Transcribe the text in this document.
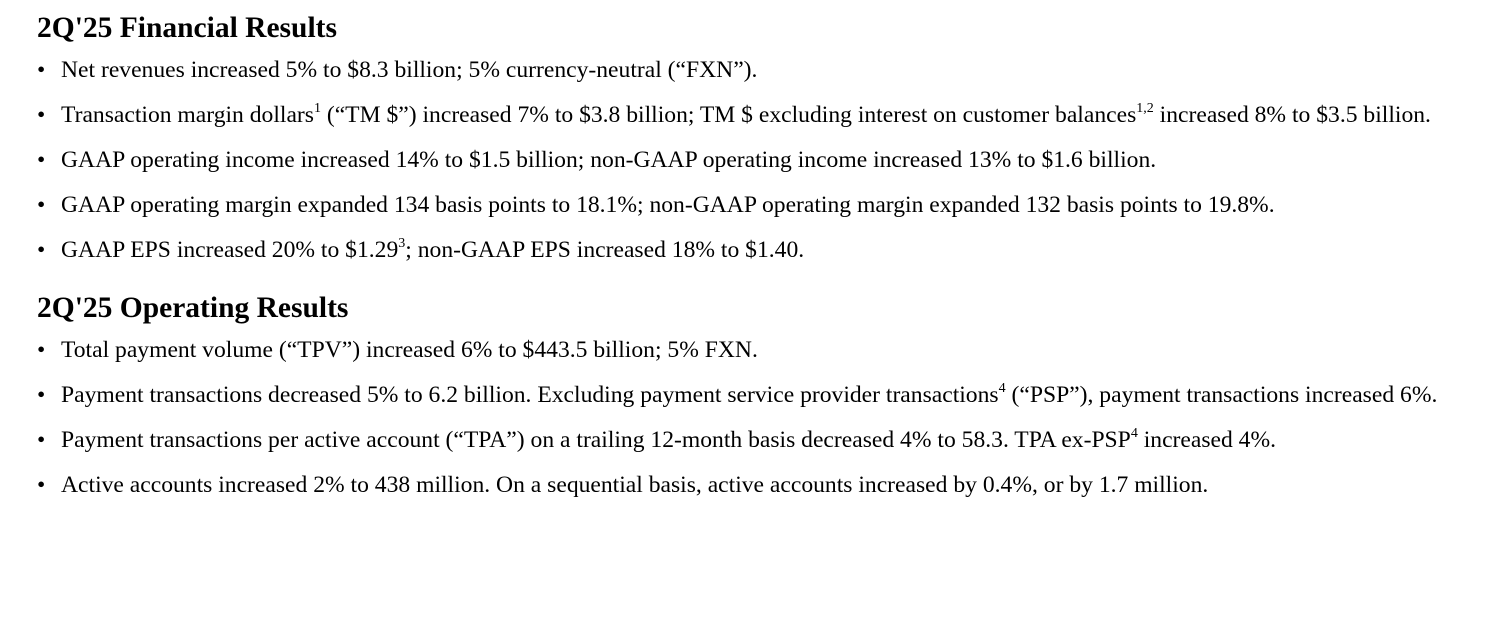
2Q'25 Financial Results
• Net revenues increased 5% to $8.3 billion; 5% currency-neutral (“FXN”).
• Transaction margin dollars$^1$ (“TM $”) increased 7% to $3.8 billion; TM $ excluding interest on customer balances$^{1,2}$ increased 8% to $3.5 billion.
• GAAP operating income increased 14% to $1.5 billion; non-GAAP operating income increased 13% to $1.6 billion.
• GAAP operating margin expanded 134 basis points to 18.1%; non-GAAP operating margin expanded 132 basis points to 19.8%.
• GAAP EPS increased 20% to $1.29$^3$; non-GAAP EPS increased 18% to $1.40.
2Q'25 Operating Results
• Total payment volume (“TPV”) increased 6% to $443.5 billion; 5% FXN.
• Payment transactions decreased 5% to 6.2 billion. Excluding payment service provider transactions$^4$ (“PSP”), payment transactions increased 6%.
• Payment transactions per active account (“TPA”) on a trailing 12-month basis decreased 4% to 58.3. TPA ex-PSP$^4$ increased 4%.
• Active accounts increased 2% to 438 million. On a sequential basis, active accounts increased by 0.4%, or by 1.7 million.
